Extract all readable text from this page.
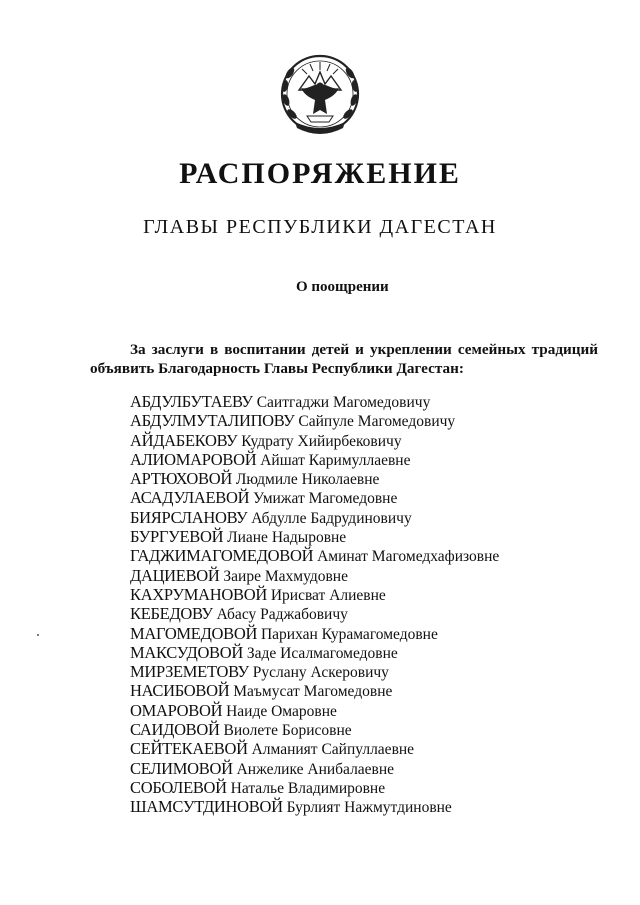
РАСПОРЯЖЕНИЕ
ГЛАВЫ РЕСПУБЛИКИ ДАГЕСТАН
О поощрении
За заслуги в воспитании детей и укреплении семейных традиций объявить Благодарность Главы Республики Дагестан:
АБДУЛБУТАЕВУ Саитгаджи Магомедовичу
АБДУЛМУТАЛИПОВУ Сайпуле Магомедовичу
АЙДАБЕКОВУ Кудрату Хийирбековичу
АЛИОМАРОВОЙ Айшат Каримуллаевне
АРТЮХОВОЙ Людмиле Николаевне
АСАДУЛАЕВОЙ Умижат Магомедовне
БИЯРСЛАНОВУ Абдулле Бадрудиновичу
БУРГУЕВОЙ Лиане Надыровне
ГАДЖИМАГОМЕДОВОЙ Аминат Магомедхафизовне
ДАЦИЕВОЙ Заире Махмудовне
КАХРУМАНОВОЙ Ирисват Алиевне
КЕБЕДОВУ Абасу Раджабовичу
МАГОМЕДОВОЙ Парихан Курамагомедовне
МАКСУДОВОЙ Заде Исалмагомедовне
МИРЗЕМЕТОВУ Руслану Аскеровичу
НАСИБОВОЙ Маъмусат Магомедовне
ОМАРОВОЙ Наиде Омаровне
САИДОВОЙ Виолете Борисовне
СЕЙТЕКАЕВОЙ Алманият Сайпуллаевне
СЕЛИМОВОЙ Анжелике Анибалаевне
СОБОЛЕВОЙ Наталье Владимировне
ШАМСУТДИНОВОЙ Бурлият Нажмутдиновне
